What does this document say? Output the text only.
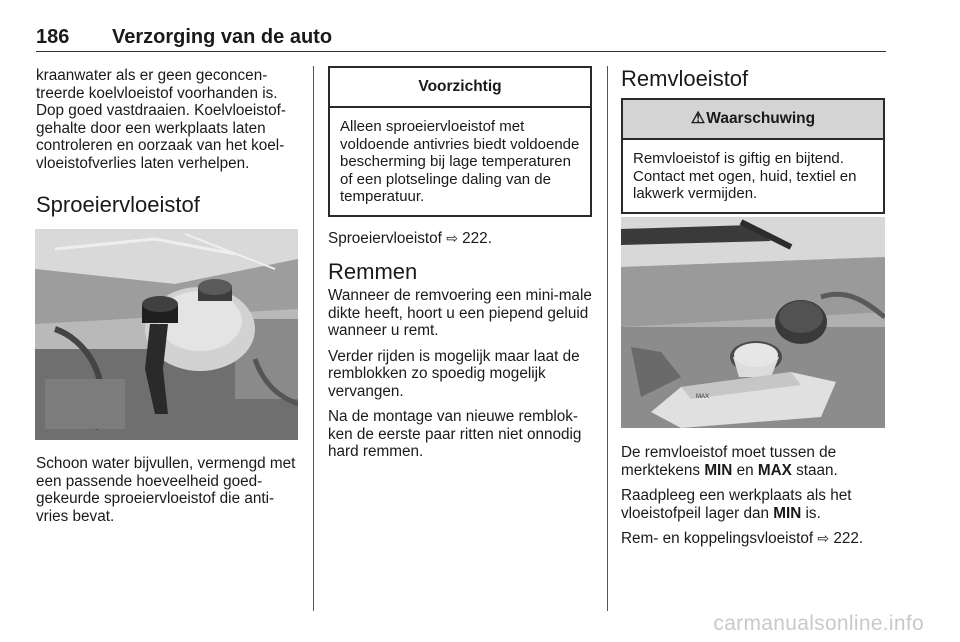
186 Verzorging van de auto

kraanwater als er geen geconcen-treerde koelvloeistof voorhanden is. Dop goed vastdraaien. Koelvloeistof-gehalte door een werkplaats laten controleren en oorzaak van het koel-vloeistofverlies laten verhelpen.

Sproeiervloeistof

Schoon water bijvullen, vermengd met een passende hoeveelheid goed-gekeurde sproeiervloeistof die anti-vries bevat.

Voorzichtig
Alleen sproeiervloeistof met voldoende antivries biedt voldoende bescherming bij lage temperaturen of een plotselinge daling van de temperatuur.

Sproeiervloeistof ⇨ 222.

Remmen

Wanneer de remvoering een mini-male dikte heeft, hoort u een piepend geluid wanneer u remt.

Verder rijden is mogelijk maar laat de remblokken zo spoedig mogelijk vervangen.

Na de montage van nieuwe remblok-ken de eerste paar ritten niet onnodig hard remmen.

Remvloeistof
⚠ Waarschuwing
Remvloeistof is giftig en bijtend. Contact met ogen, huid, textiel en lakwerk vermijden.
MAX

De remvloeistof moet tussen de merktekens MIN en MAX staan.

Raadpleeg een werkplaats als het vloeistofpeil lager dan MIN is.

Rem- en koppelingsvloeistof ⇨ 222.

carmanualsonline.info
